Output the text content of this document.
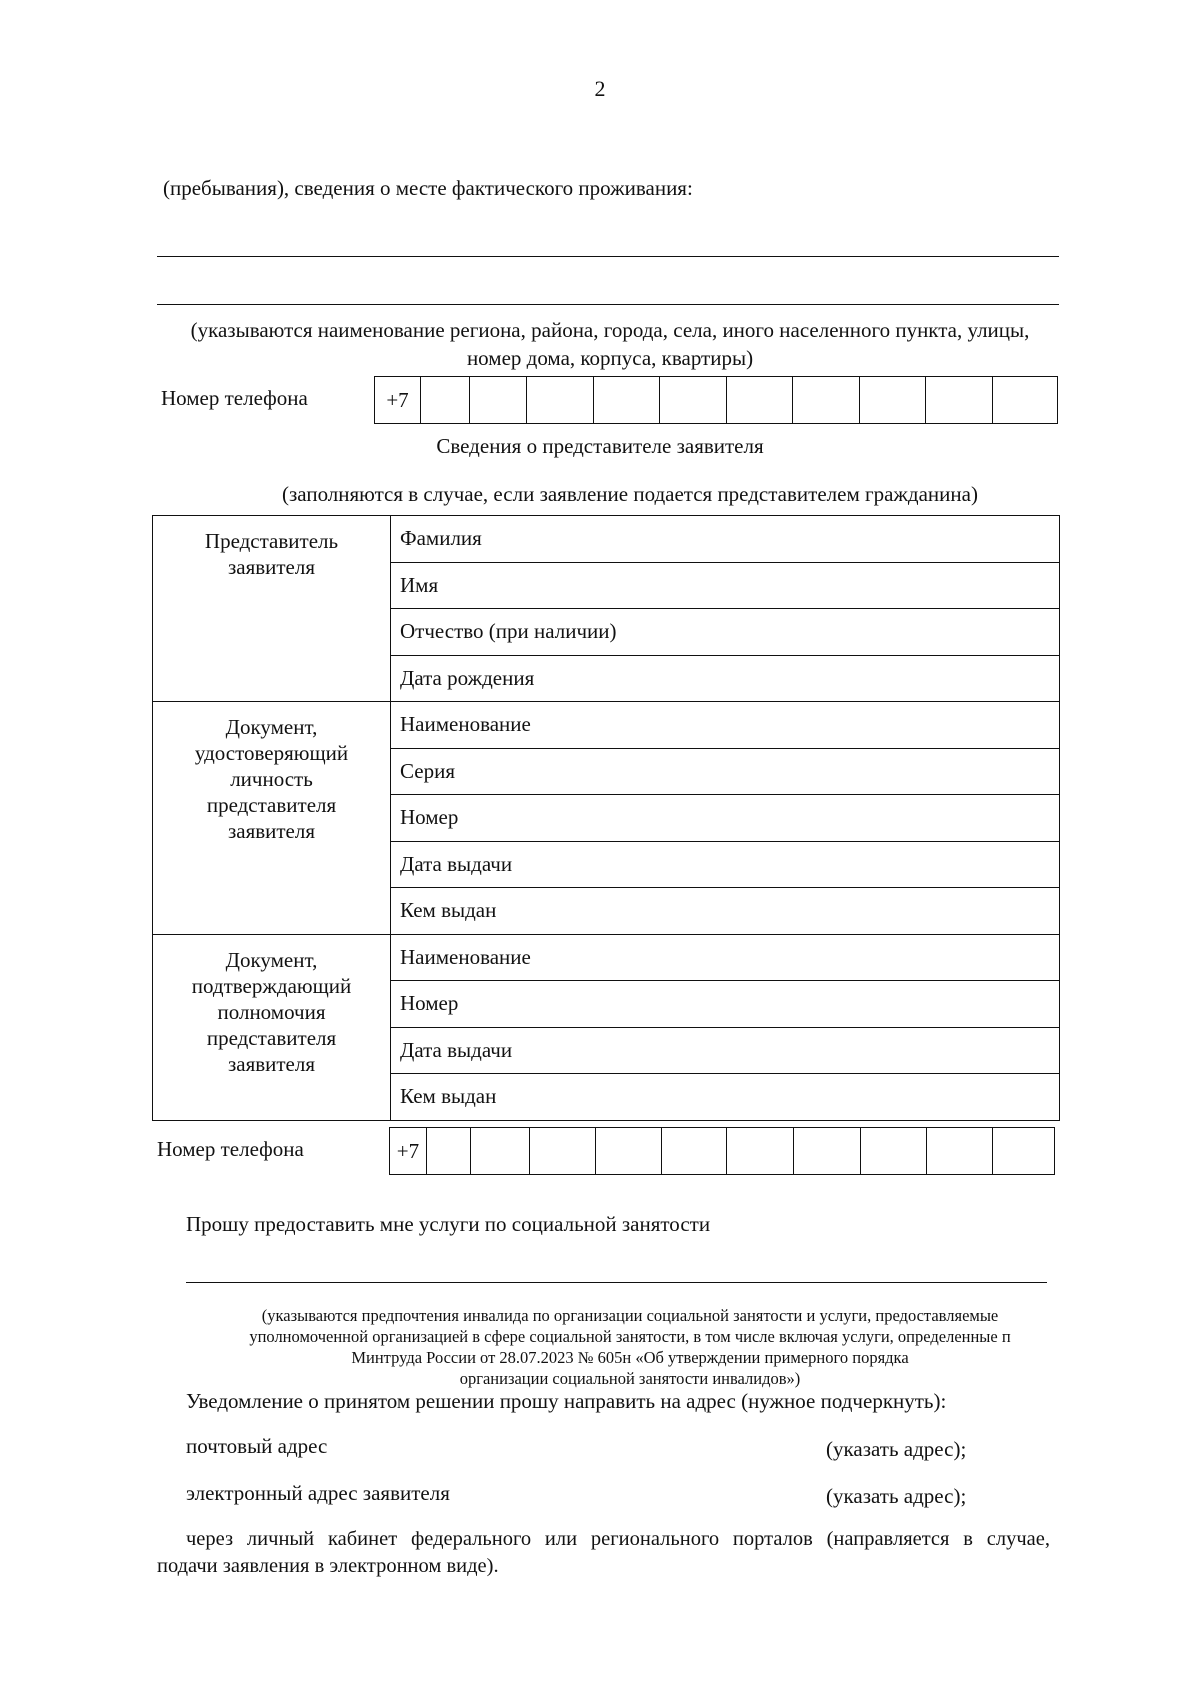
2
(пребывания), сведения о месте фактического проживания:
(указываются наименование региона, района, города, села, иного населенного пункта, улицы,
номер дома, корпуса, квартиры)
Номер телефона	+7
Сведения о представителе заявителя
(заполняются в случае, если заявление подается представителем гражданина)
Представитель
заявителя	Фамилия
	Имя
	Отчество (при наличии)
	Дата рождения

Документ,
удостоверяющий
личность
представителя
заявителя	Наименование
	Серия
	Номер
	Дата выдачи
	Кем выдан

Документ,
подтверждающий
полномочия
представителя
заявителя	Наименование
	Номер
	Дата выдачи
	Кем выдан
Номер телефона	+7
Прошу предоставить мне услуги по социальной занятости
(указываются предпочтения инвалида по организации социальной занятости и услуги, предоставляемые
уполномоченной организацией в сфере социальной занятости, в том числе включая услуги, определенные п
Минтруда России от 28.07.2023 № 605н «Об утверждении примерного порядка
организации социальной занятости инвалидов»)
Уведомление о принятом решении прошу направить на адрес (нужное подчеркнуть):
почтовый адрес	(указать адрес);
электронный адрес заявителя	(указать адрес);
через личный кабинет федерального или регионального порталов (направляется в случае,
подачи заявления в электронном виде).
